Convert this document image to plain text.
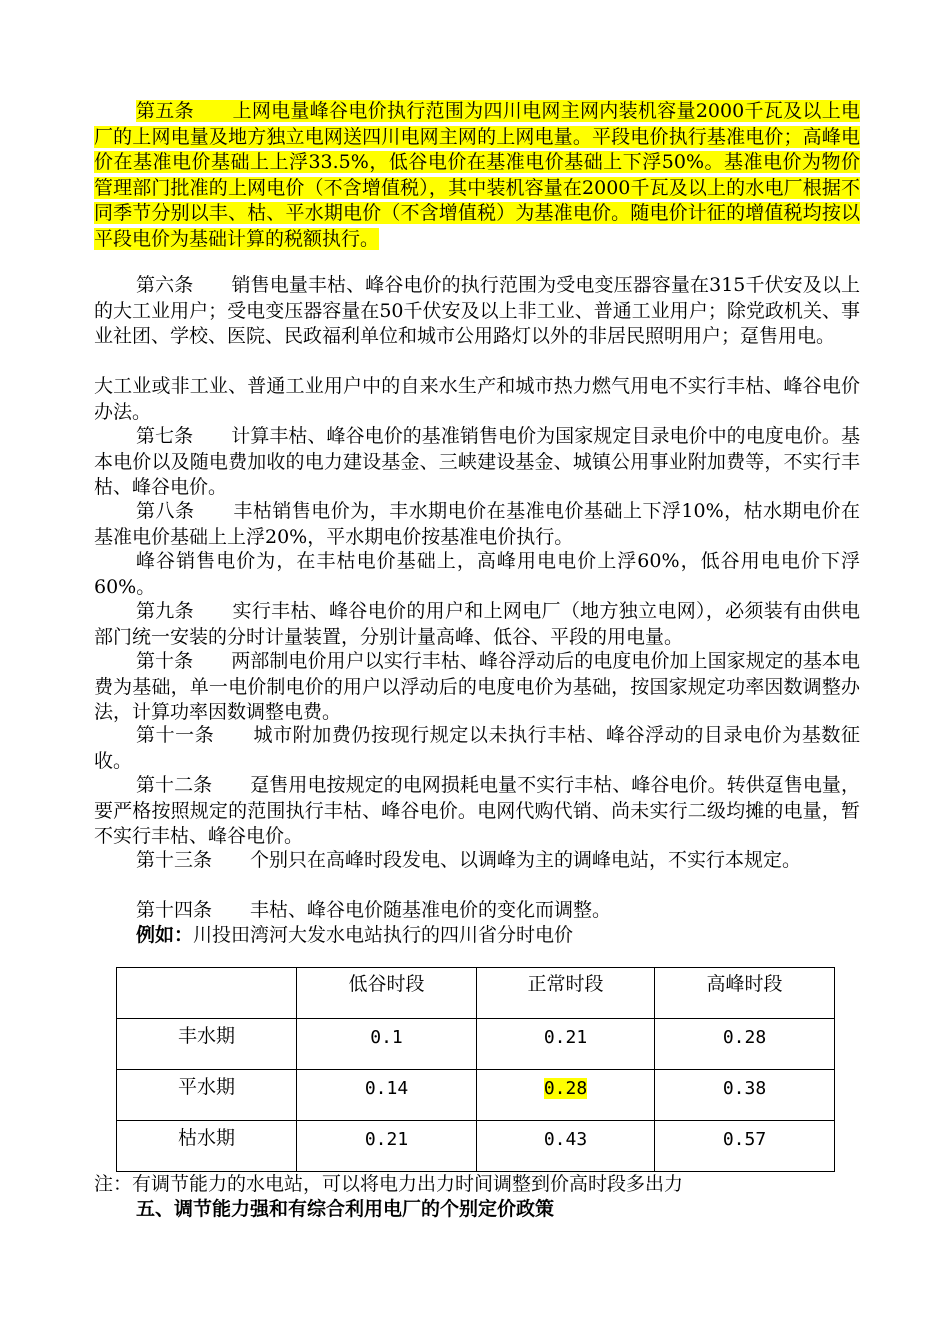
第五条　　上网电量峰谷电价执行范围为四川电网主网内装机容量2000千瓦及以上电厂的上网电量及地方独立电网送四川电网主网的上网电量。平段电价执行基准电价；高峰电价在基准电价基础上上浮33.5%，低谷电价在基准电价基础上下浮50%。基准电价为物价管理部门批准的上网电价（不含增值税），其中装机容量在2000千瓦及以上的水电厂根据不同季节分别以丰、枯、平水期电价（不含增值税）为基准电价。随电价计征的增值税均按以平段电价为基础计算的税额执行。

第六条　　销售电量丰枯、峰谷电价的执行范围为受电变压器容量在315千伏安及以上的大工业用户；受电变压器容量在50千伏安及以上非工业、普通工业用户；除党政机关、事业社团、学校、医院、民政福利单位和城市公用路灯以外的非居民照明用户；趸售用电。

大工业或非工业、普通工业用户中的自来水生产和城市热力燃气用电不实行丰枯、峰谷电价办法。

第七条　　计算丰枯、峰谷电价的基准销售电价为国家规定目录电价中的电度电价。基本电价以及随电费加收的电力建设基金、三峡建设基金、城镇公用事业附加费等，不实行丰枯、峰谷电价。

第八条　　丰枯销售电价为，丰水期电价在基准电价基础上下浮10%，枯水期电价在基准电价基础上上浮20%，平水期电价按基准电价执行。

峰谷销售电价为，在丰枯电价基础上，高峰用电电价上浮60%，低谷用电电价下浮60%。

第九条　　实行丰枯、峰谷电价的用户和上网电厂（地方独立电网），必须装有由供电部门统一安装的分时计量装置，分别计量高峰、低谷、平段的用电量。

第十条　　两部制电价用户以实行丰枯、峰谷浮动后的电度电价加上国家规定的基本电费为基础，单一电价制电价的用户以浮动后的电度电价为基础，按国家规定功率因数调整办法，计算功率因数调整电费。

第十一条　　城市附加费仍按现行规定以未执行丰枯、峰谷浮动的目录电价为基数征收。

第十二条　　趸售用电按规定的电网损耗电量不实行丰枯、峰谷电价。转供趸售电量，要严格按照规定的范围执行丰枯、峰谷电价。电网代购代销、尚未实行二级均摊的电量，暂不实行丰枯、峰谷电价。

第十三条　　个别只在高峰时段发电、以调峰为主的调峰电站，不实行本规定。

第十四条　　丰枯、峰谷电价随基准电价的变化而调整。

例如：川投田湾河大发水电站执行的四川省分时电价

	低谷时段	正常时段	高峰时段
丰水期	0.1	0.21	0.28
平水期	0.14	0.28	0.38
枯水期	0.21	0.43	0.57

注：有调节能力的水电站，可以将电力出力时间调整到价高时段多出力

五、调节能力强和有综合利用电厂的个别定价政策
